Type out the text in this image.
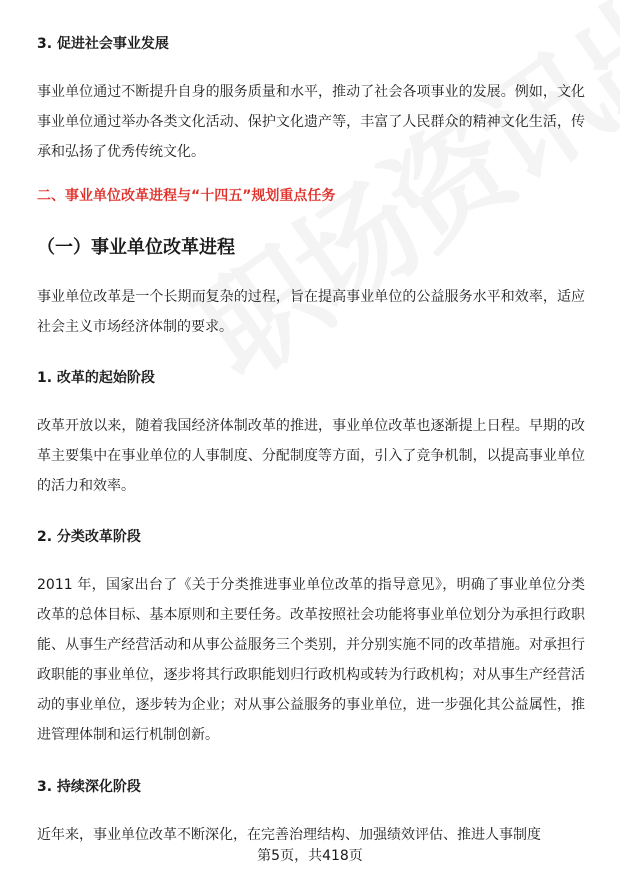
3. 促进社会事业发展
事业单位通过不断提升自身的服务质量和水平，推动了社会各项事业的发展。例如，文化事业单位通过举办各类文化活动、保护文化遗产等，丰富了人民群众的精神文化生活，传承和弘扬了优秀传统文化。
二、事业单位改革进程与“十四五”规划重点任务
（一）事业单位改革进程
事业单位改革是一个长期而复杂的过程，旨在提高事业单位的公益服务水平和效率，适应社会主义市场经济体制的要求。
1. 改革的起始阶段
改革开放以来，随着我国经济体制改革的推进，事业单位改革也逐渐提上日程。早期的改革主要集中在事业单位的人事制度、分配制度等方面，引入了竞争机制，以提高事业单位的活力和效率。
2. 分类改革阶段
2011 年，国家出台了《关于分类推进事业单位改革的指导意见》，明确了事业单位分类改革的总体目标、基本原则和主要任务。改革按照社会功能将事业单位划分为承担行政职能、从事生产经营活动和从事公益服务三个类别，并分别实施不同的改革措施。对承担行政职能的事业单位，逐步将其行政职能划归行政机构或转为行政机构；对从事生产经营活动的事业单位，逐步转为企业；对从事公益服务的事业单位，进一步强化其公益属性，推进管理体制和运行机制创新。
3. 持续深化阶段
近年来，事业单位改革不断深化，在完善治理结构、加强绩效评估、推进人事制度
第5页，共418页
